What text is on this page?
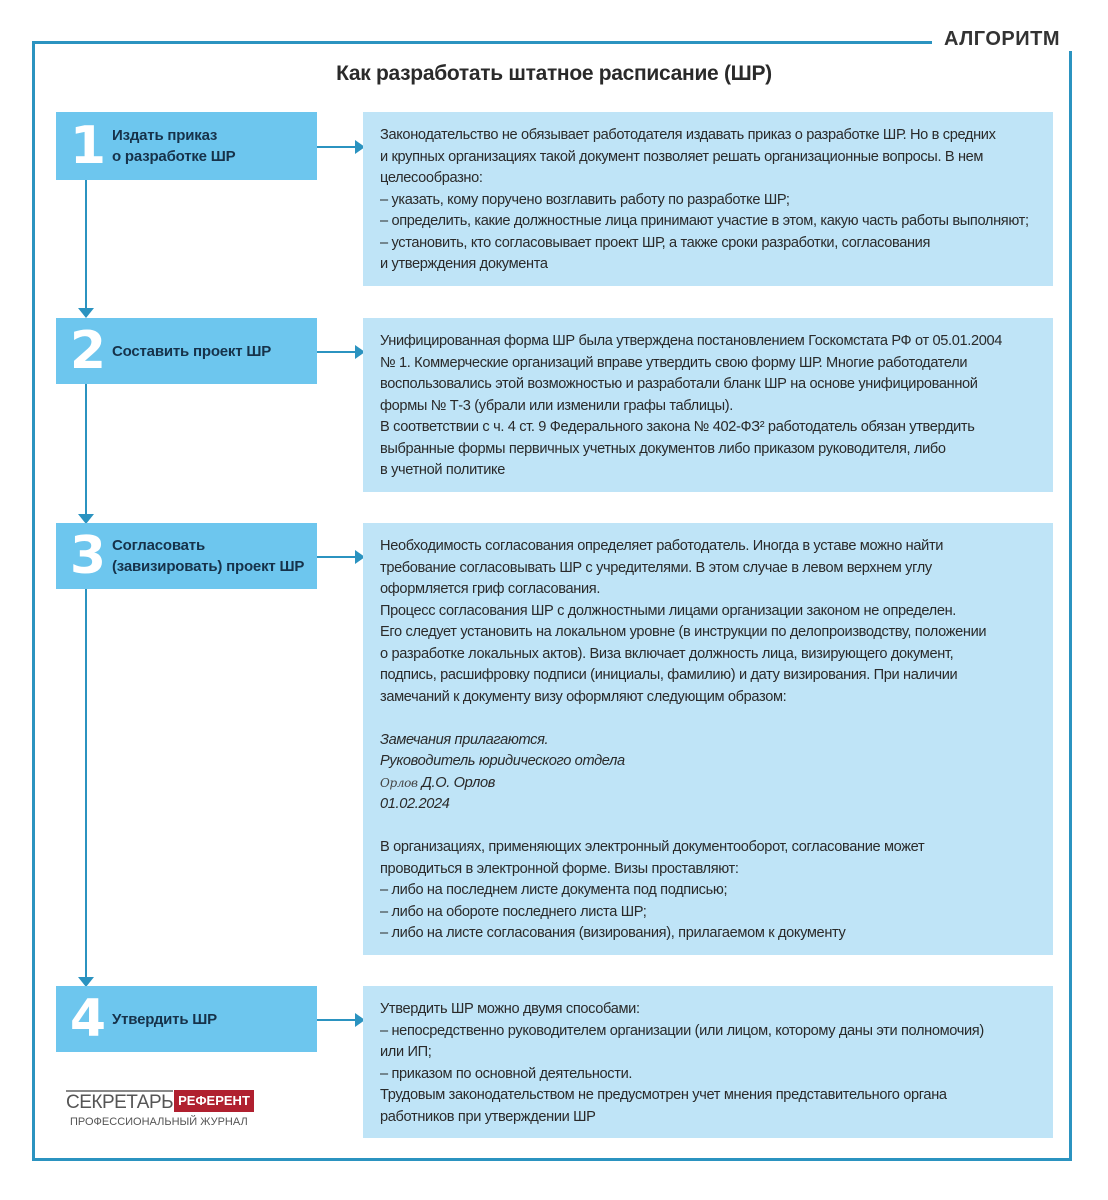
АЛГОРИТМ
Как разработать штатное расписание (ШР)
1 Издать приказ
о разработке ШР

Законодательство не обязывает работодателя издавать приказ о разработке ШР. Но в средних

и крупных организациях такой документ позволяет решать организационные вопросы. В нем

целесообразно:

– указать, кому поручено возглавить работу по разработке ШР;

– определить, какие должностные лица принимают участие в этом, какую часть работы выполняют;

– установить, кто согласовывает проект ШР, а также сроки разработки, согласования

и утверждения документа

2 Составить проект ШР

Унифицированная форма ШР была утверждена постановлением Госкомстата РФ от 05.01.2004

№ 1. Коммерческие организаций вправе утвердить свою форму ШР. Многие работодатели

воспользовались этой возможностью и разработали бланк ШР на основе унифицированной

формы № Т-3 (убрали или изменили графы таблицы).

В соответствии с ч. 4 ст. 9 Федерального закона № 402-ФЗ² работодатель обязан утвердить

выбранные формы первичных учетных документов либо приказом руководителя, либо

в учетной политике

3 Согласовать
(завизировать) проект ШР

Необходимость согласования определяет работодатель. Иногда в уставе можно найти

требование согласовывать ШР с учредителями. В этом случае в левом верхнем углу

оформляется гриф согласования.

Процесс согласования ШР с должностными лицами организации законом не определен.

Его следует установить на локальном уровне (в инструкции по делопроизводству, положении

о разработке локальных актов). Виза включает должность лица, визирующего документ,

подпись, расшифровку подписи (инициалы, фамилию) и дату визирования. При наличии

замечаний к документу визу оформляют следующим образом:

Замечания прилагаются.

Руководитель юридического отдела

Орлов Д.О. Орлов

01.02.2024

В организациях, применяющих электронный документооборот, согласование может

проводиться в электронной форме. Визы проставляют:

– либо на последнем листе документа под подписью;

– либо на обороте последнего листа ШР;

– либо на листе согласования (визирования), прилагаемом к документу

4 Утвердить ШР

Утвердить ШР можно двумя способами:

– непосредственно руководителем организации (или лицом, которому даны эти полномочия)

или ИП;

– приказом по основной деятельности.

Трудовым законодательством не предусмотрен учет мнения представительного органа

работников при утверждении ШР

СЕКРЕТАРЬ РЕФЕРЕНТ
ПРОФЕССИОНАЛЬНЫЙ ЖУРНАЛ
